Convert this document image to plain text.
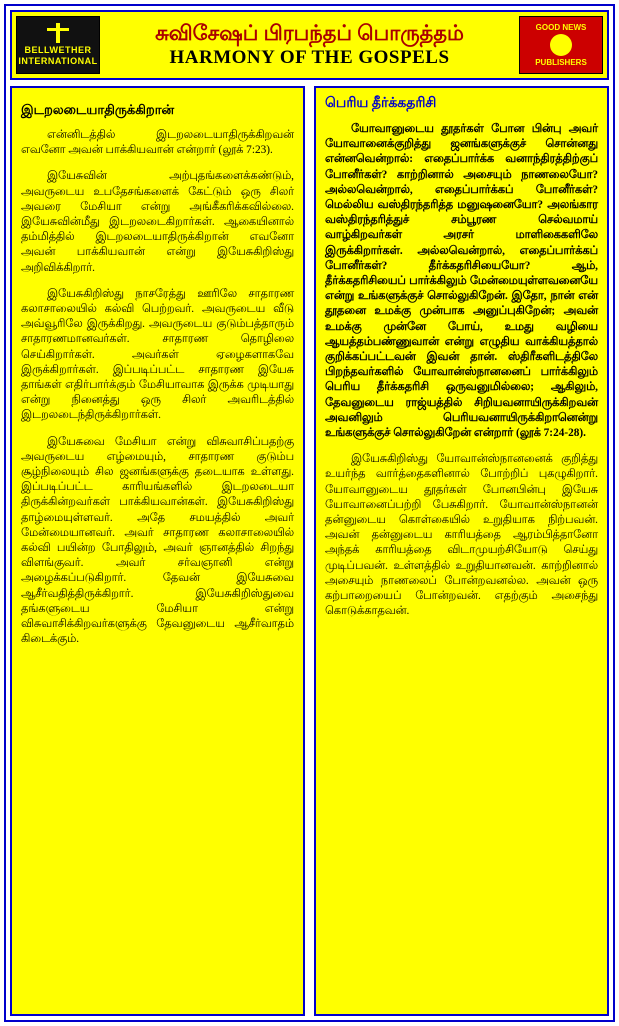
BELLWETHER
INTERNATIONAL
சுவிசேஷப் பிரபந்தப் பொருத்தம்
HARMONY OF THE GOSPELS
GOOD NEWS
PUBLISHERS
இடறலடையாதிருக்கிறான்

என்னிடத்தில் இடறலடையாதிருக்கிறவன் எவனோ அவன் பாக்கியவான் என்றார் (லூக் 7:23).

இயேசுவின் அற்புதங்களைக்கண்டும், அவருடைய உபதேசங்களைக் கேட்டும் ஒரு சிலர் அவரை மேசியா என்று அங்கீகரிக்கவில்லை. இயேசுவின்மீது இடறலடைகிறார்கள். ஆகையினால் தம்மித்தில் இடறலடையாதிருக்கிறான் எவனோ அவன் பாக்கியவான் என்று இயேசுகிறிஸ்து அறிவிக்கிறார்.

இயேசுகிறிஸ்து நாசரேத்து ஊரிலே சாதாரண கலாசாலையில் கல்வி பெற்றவர். அவருடைய வீடு அவ்வூரிலே இருக்கிறது. அவருடைய குடும்பத்தாரும் சாதாரணமானவர்கள். சாதாரண தொழிலை செய்கிறார்கள். அவர்கள் ஏழைகளாகவே இருக்கிறார்கள். இப்படிப்பட்ட சாதாரண இயேசு தாங்கள் எதிர்பார்க்கும் மேசியாவாக இருக்க முடியாது என்று நினைத்து ஒரு சிலர் அவரிடத்தில் இடறலடைந்திருக்கிறார்கள்.

இயேசுவை மேசியா என்று விசுவாசிப்பதற்கு அவருடைய எழ்மையும், சாதாரண குடும்ப சூழ்நிலையும் சில ஜனங்களுக்கு தடையாக உள்ளது. இப்படிப்பட்ட காரியங்களில் இடறலடையா திருக்கின்றவர்கள் பாக்கியவான்கள். இயேசுகிறிஸ்து தாழ்மையுள்ளவர். அதே சமயத்தில் அவர் மேன்மையானவர். அவர் சாதாரண கலாசாலையில் கல்வி பயின்ற போதிலும், அவர் ஞானத்தில் சிறந்து விளங்குவர். அவர் சர்வஞானி என்று அழைக்கப்படுகிறார். தேவன் இயேசுவை ஆசீர்வதித்திருக்கிறார். இயேசுகிறிஸ்துவை தங்களுடைய மேசியா என்று விசுவாசிக்கிறவர்களுக்கு தேவனுடைய ஆசீர்வாதம் கிடைக்கும்.

பெரிய தீர்க்கதரிசி

யோவானுடைய தூதர்கள் போன பின்பு அவர் யோவானைக்குறித்து ஜனங்களுக்குச் சொன்னது என்னவென்றால்: எதைப்பார்க்க வனாந்திரத்திற்குப் போனீர்கள்? காற்றினால் அசையும் நாணலையோ? அல்லவென்றால், எதைப்பார்க்கப் போனீர்கள்? மெல்லிய வஸ்திரந்தரித்த மனுஷனையோ? அலங்கார வஸ்திரந்தரித்துச் சம்பூரண செல்வமாய் வாழ்கிறவர்கள் அரசர் மாளிகைகளிலே இருக்கிறார்கள். அல்லவென்றால், எதைப்பார்க்கப் போனீர்கள்? தீர்க்கதரிசியையோ? ஆம், தீர்க்கதரிசியைப் பார்க்கிலும் மேன்மையுள்ளவனையே என்று உங்களுக்குச் சொல்லுகிறேன். இதோ, நான் என் தூதனை உமக்கு முன்பாக அனுப்புகிறேன்; அவன் உமக்கு முன்னே போய், உமது வழியை ஆயத்தம்பண்ணுவான் என்று எழுதிய வாக்கியத்தால் குறிக்கப்பட்டவன் இவன் தான். ஸ்திரீகளிடத்திலே பிறந்தவர்களில் யோவான்ஸ்நானனைப் பார்க்கிலும் பெரிய தீர்க்கதரிசி ஒருவனுமில்லை; ஆகிலும், தேவனுடைய ராஜ்யத்தில் சிறியவனாயிருக்கிறவன் அவனிலும் பெரியவனாயிருக்கிறானென்று உங்களுக்குச் சொல்லுகிறேன் என்றார் (லூக் 7:24-28).

இயேசுகிறிஸ்து யோவான்ஸ்நானனைக் குறித்து உயர்ந்த வார்த்தைகளினால் போற்றிப் புகழுகிறார். யோவானுடைய தூதர்கள் போனபின்பு இயேசு யோவானைப்பற்றி பேசுகிறார். யோவான்ஸ்நானன் தன்னுடைய கொள்கையில் உறுதியாக நிற்பவன். அவன் தன்னுடைய காரியத்தை ஆரம்பித்தானோ அந்தக் காரியத்தை விடாமுயற்சியோடு செய்து முடிப்பவன். உள்ளத்தில் உறுதியானவன். காற்றினால் அசையும் நாணலைப் போன்றவனல்ல. அவன் ஒரு கற்பாறையைப் போன்றவன். எதற்கும் அசைந்து கொடுக்காதவன்.
